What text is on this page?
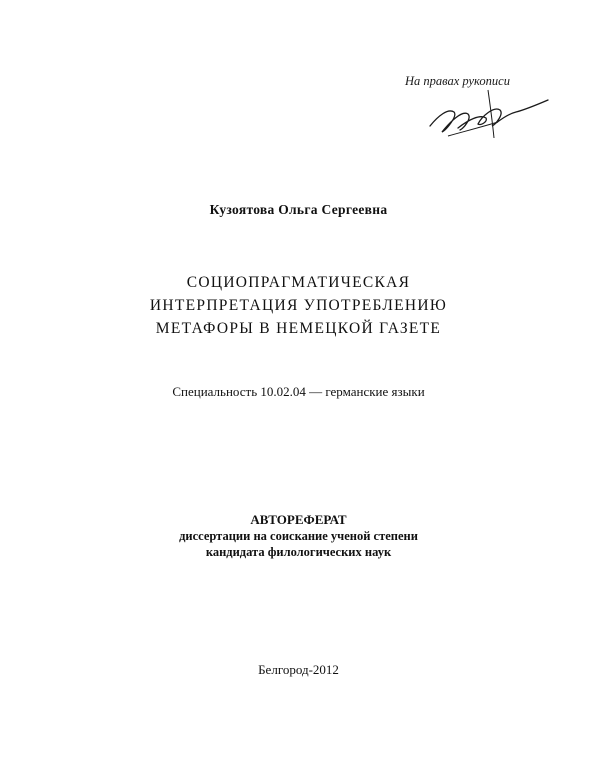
На правах рукописи
Кузоятова Ольга Сергеевна
СОЦИОПРАГМАТИЧЕСКАЯ
ИНТЕРПРЕТАЦИЯ УПОТРЕБЛЕНИЮ
МЕТАФОРЫ В НЕМЕЦКОЙ ГАЗЕТЕ
Специальность 10.02.04 — германские языки
АВТОРЕФЕРАТ
диссертации на соискание ученой степени
кандидата филологических наук
Белгород-2012
